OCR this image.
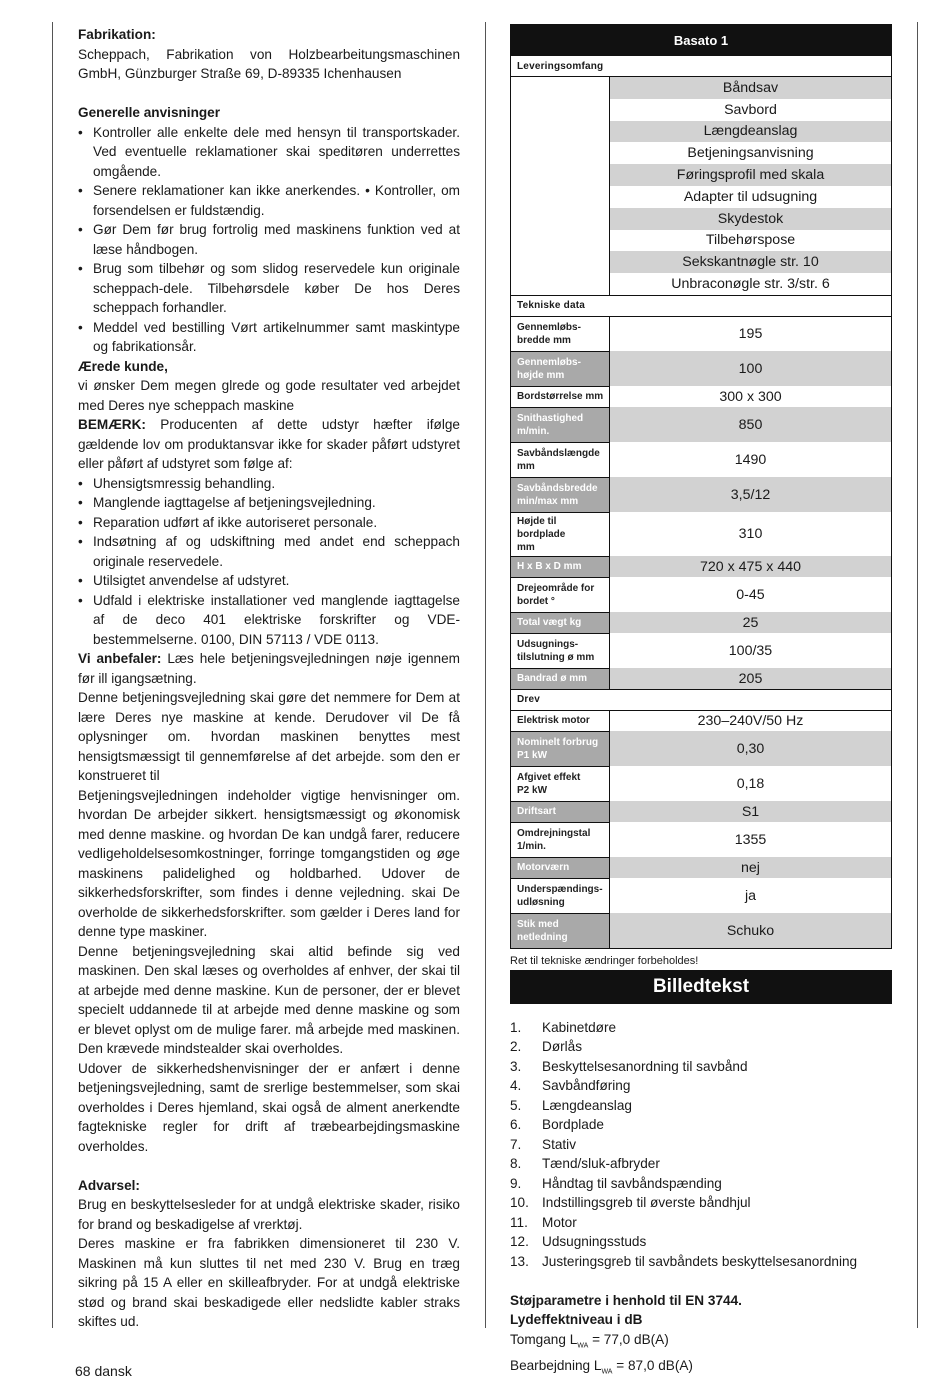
Fabrikation:

Scheppach, Fabrikation von Holzbearbeitungsmaschinen GmbH, Günzburger Straße 69, D-89335 Ichenhausen

Generelle anvisninger
• Kontroller alle enkelte dele med hensyn til transportskader. Ved eventuelle reklamationer skai speditøren underrettes omgående.
• Senere reklamationer kan ikke anerkendes. • Kontroller, om forsendelsen er fuldstændig.
• Gør Dem før brug fortrolig med maskinens funktion ved at læse håndbogen.
• Brug som tilbehør og som slidog reservedele kun originale scheppach-dele. Tilbehørsdele køber De hos Deres scheppach forhandler.
• Meddel ved bestilling Vørt artikelnummer samt maskintype og fabrikationsår.
Ærede kunde,

vi ønsker Dem megen glrede og gode resultater ved arbejdet med Deres nye scheppach maskine

BEMÆRK: Producenten af dette udstyr hæfter ifølge gældende lov om produktansvar ikke for skader påført udstyret eller påført af udstyret som følge af:

• Uhensigtsmressig behandling.
• Manglende iagttagelse af betjeningsvejledning.
• Reparation udført af ikke autoriseret personale.
• Indsøtning af og udskiftning med andet end scheppach originale reservedele.
• Utilsigtet anvendelse af udstyret.
• Udfald i elektriske installationer ved manglende iagttagelse af de deco 401 elektriske forskrifter og VDE-bestemmelserne. 0100, DIN 57113 / VDE 0113.

Vi anbefaler: Læs hele betjeningsvejledningen nøje igennem før ill igangsætning.

Denne betjeningsvejledning skai gøre det nemmere for Dem at lære Deres nye maskine at kende. Derudover vil De få oplysninger om. hvordan maskinen benyttes mest hensigtsmæssigt til gennemførelse af det arbejde. som den er konstrueret til

Betjeningsvejledningen indeholder vigtige henvisninger om. hvordan De arbejder sikkert. hensigtsmæssigt og økonomisk med denne maskine. og hvordan De kan undgå farer, reducere vedligeholdelsesomkostninger, forringe tomgangstiden og øge maskinens palidelighed og holdbarhed. Udover de sikkerhedsforskrifter, som findes i denne vejledning. skai De overholde de sikkerhedsforskrifter. som gælder i Deres land for denne type maskiner.

Denne betjeningsvejledning skai altid befinde sig ved maskinen. Den skal læses og overholdes af enhver, der skai til at arbejde med denne maskine. Kun de personer, der er blevet specielt uddannede til at arbejde med denne maskine og som er blevet oplyst om de mulige farer. må arbejde med maskinen. Den krævede mindstealder skai overholdes.

Udover de sikkerhedshenvisninger der er anfært i denne betjeningsvejledning, samt de srerlige bestemmelser, som skai overholdes i Deres hjemland, skai også de alment anerkendte fagtekniske regler for drift af træbearbejdingsmaskine overholdes.

Advarsel:

Brug en beskyttelsesleder for at undgå elektriske skader, risiko for brand og beskadigelse af vrerktøj.

Deres maskine er fra fabrikken dimensioneret til 230 V. Maskinen må kun sluttes til net med 230 V. Brug en træg sikring på 15 A eller en skilleafbryder. For at undgå elektriske stød og brand skai beskadigede eller nedslidte kabler straks skiftes ud.

Basato 1	
Leveringsomfang	
	Båndsav
	Savbord
	Længdeanslag
	Betjeningsanvisning
	Føringsprofil med skala
	Adapter til udsugning
	Skydestok
	Tilbehørspose
	Sekskantnøgle str. 10
	Unbraconøgle str. 3/str. 6
Tekniske data	
Gennemløbs-
bredde mm	195
Gennemløbs-
højde mm	100
Bordstørrelse mm	300 x 300
Snithastighed
m/min.	850
Savbåndslængde
mm	1490
Savbåndsbredde
min/max mm	3,5/12
Højde til bordplade
mm	310
H x B x D mm	720 x 475 x 440
Drejeområde for
bordet °	0-45
Total vægt kg	25
Udsugnings-
tilslutning ø mm	100/35
Bandrad ø mm	205
Drev	
Elektrisk motor	230–240V/50 Hz
Nominelt forbrug
P1 kW	0,30
Afgivet effekt
P2 kW	0,18
Driftsart	S1
Omdrejningstal
1/min.	1355
Motorværn	nej
Underspændings-
udløsning	ja
Stik med
netledning	Schuko
Ret til tekniske ændringer forbeholdes!
Billedtekst
1.	Kabinetdøre
2.	Dørlås
3.	Beskyttelsesanordning til savbånd
4.	Savbåndføring
5.	Længdeanslag
6.	Bordplade
7.	Stativ
8.	Tænd/sluk-afbryder
9.	Håndtag til savbåndspænding
10. Indstillingsgreb til øverste båndhjul
11.	Motor
12. Udsugningsstuds
13. Justeringsgreb til savbåndets beskyttelsesanordning
Støjparametre i henhold til EN 3744.
Lydeffektniveau i dB
Tomgang $L_{WA} = 77,0$ dB(A)
Bearbejdning $L_{WA} = 87,0$ dB(A)
68 dansk
